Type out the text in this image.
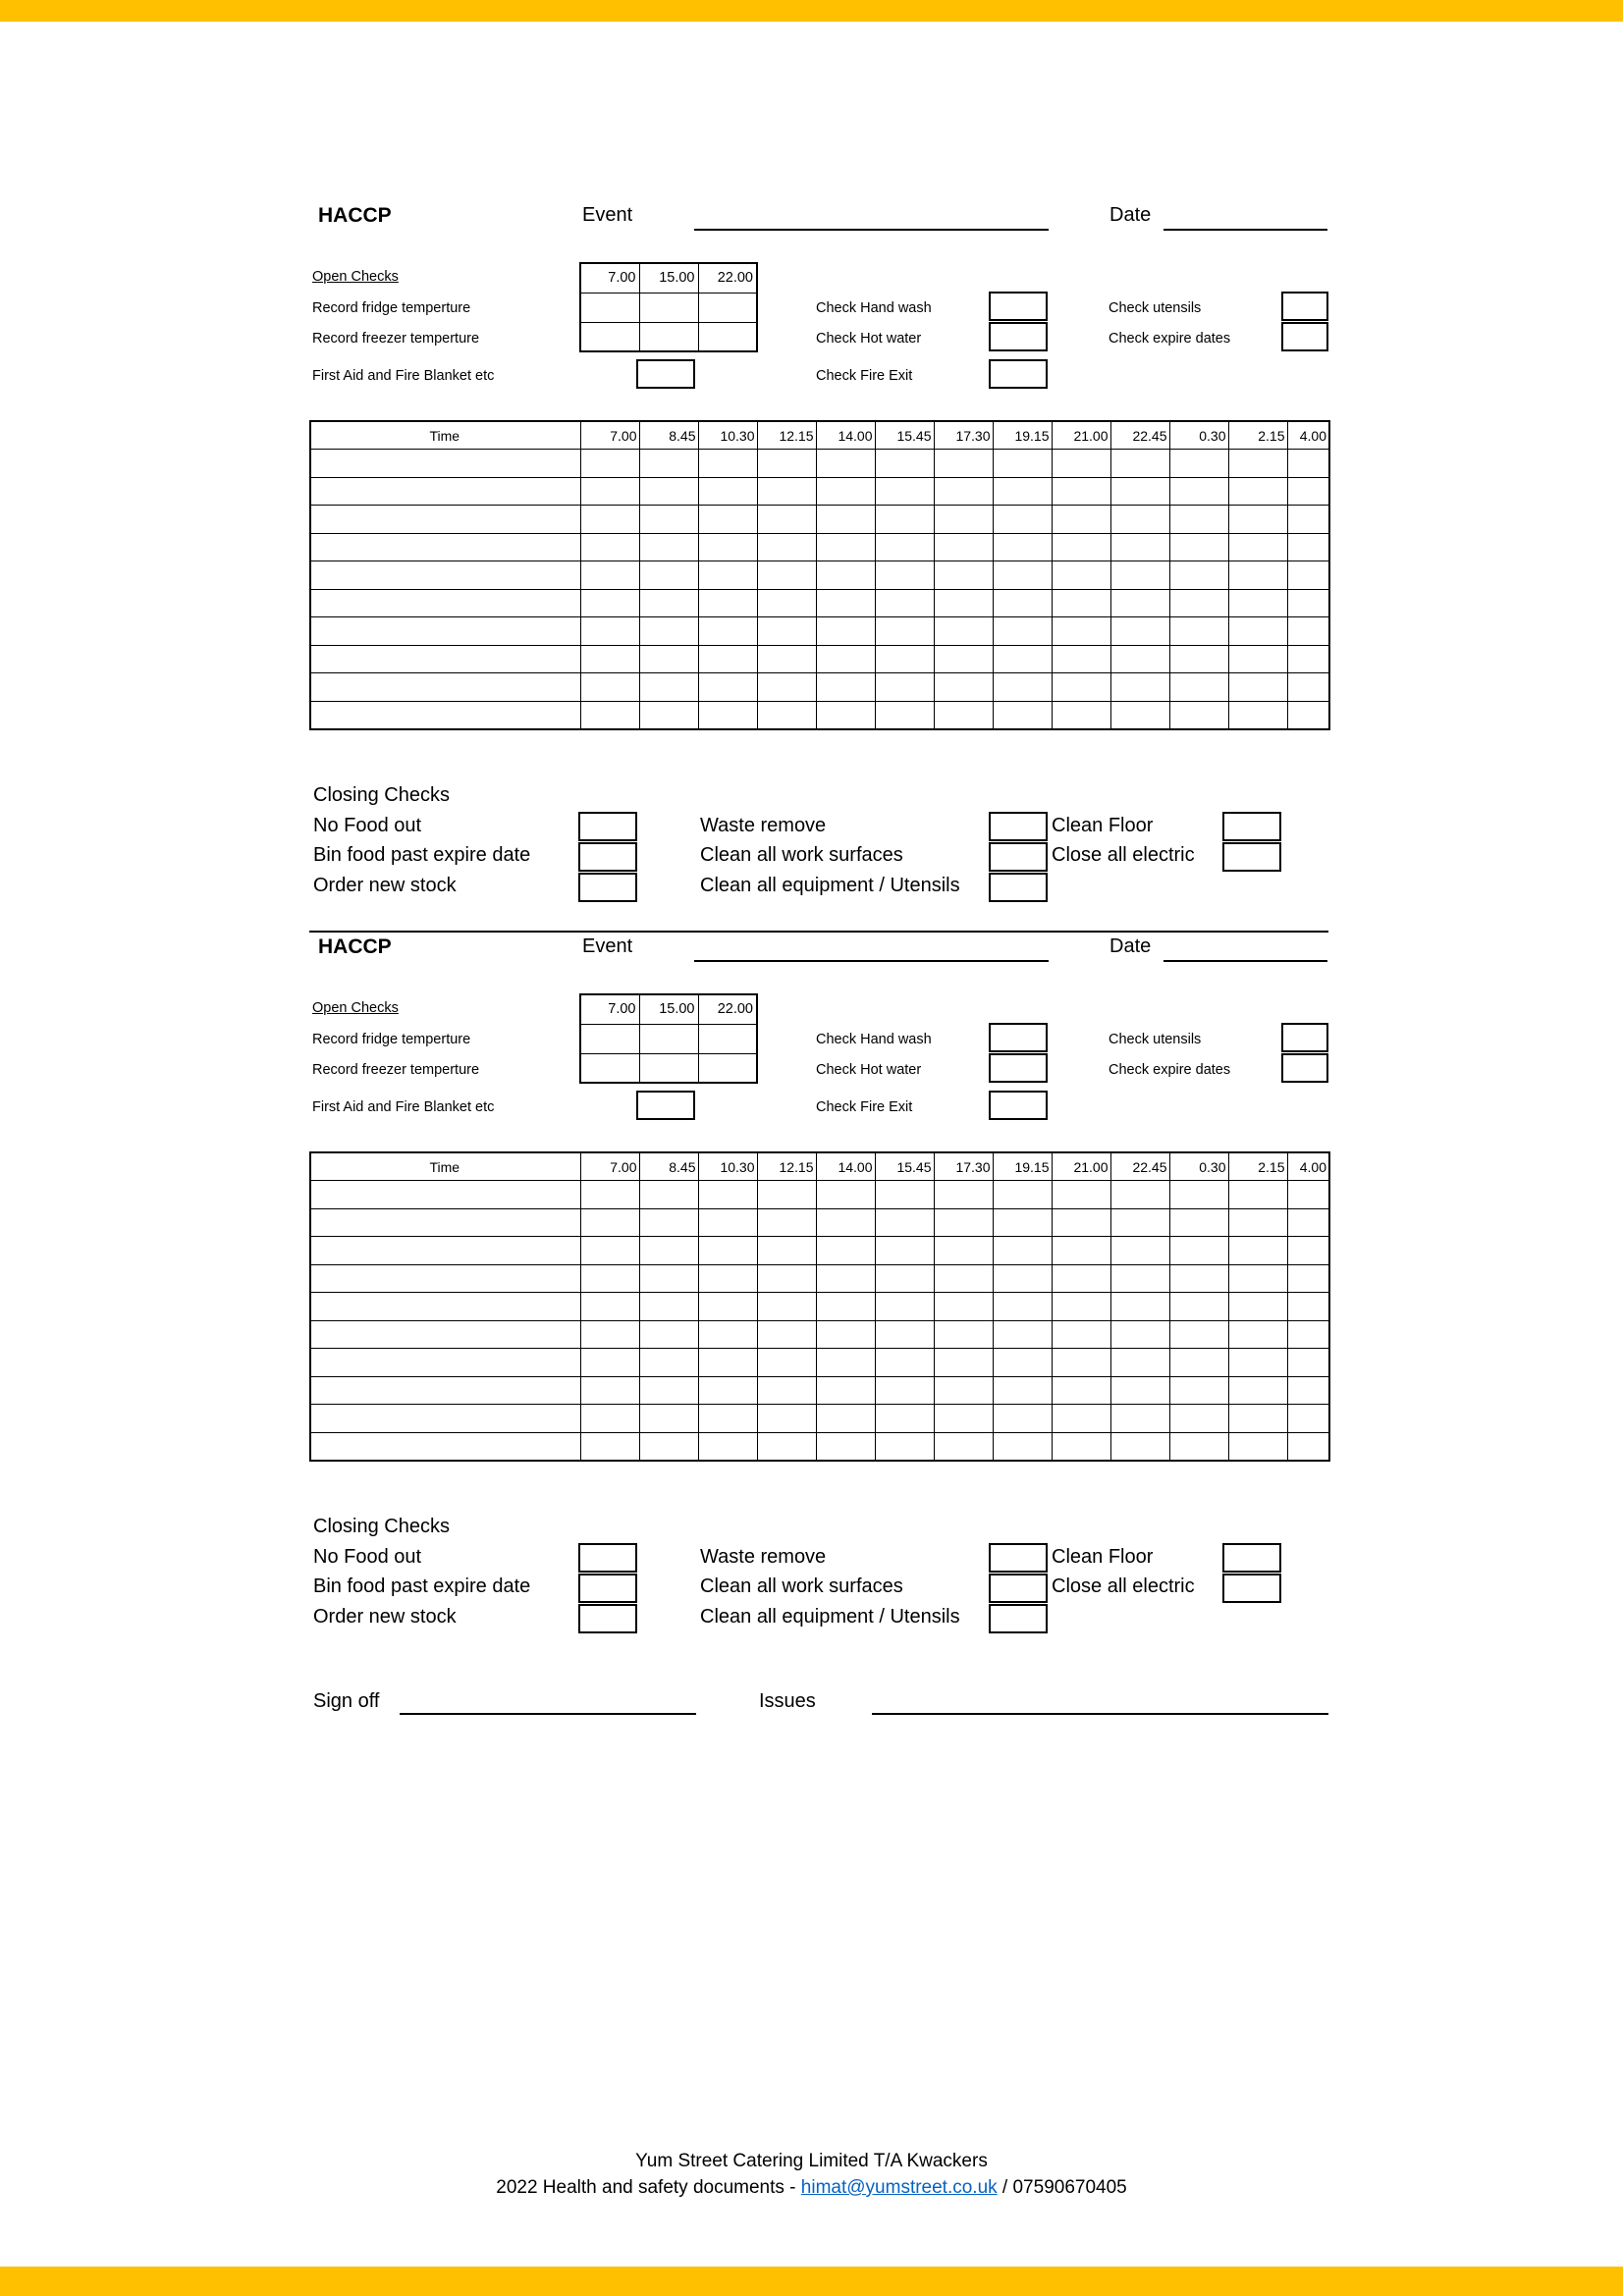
HACCP	Event	Date
Open Checks	7.00	15.00	22.00

Record fridge temperture
Record freezer temperture
First Aid and Fire Blanket etc
Check Hand wash
Check Hot water
Check Fire Exit
Check utensils
Check expire dates
Time	7.00	8.45	10.30	12.15	14.00	15.45	17.30	19.15	21.00	22.45	0.30	2.15	4.00

Closing Checks
No Food out
Bin food past expire date
Order new stock
Waste remove
Clean all work surfaces
Clean all equipment / Utensils
Clean Floor
Close all electric
HACCP	Event	Date
Open Checks	7.00	15.00	22.00

Record fridge temperture
Record freezer temperture
First Aid and Fire Blanket etc
Check Hand wash
Check Hot water
Check Fire Exit
Check utensils
Check expire dates
Time	7.00	8.45	10.30	12.15	14.00	15.45	17.30	19.15	21.00	22.45	0.30	2.15	4.00

Closing Checks
No Food out
Bin food past expire date
Order new stock
Waste remove
Clean all work surfaces
Clean all equipment / Utensils
Clean Floor
Close all electric
Sign off	Issues
Yum Street Catering Limited T/A Kwackers
2022 Health and safety documents - himat@yumstreet.co.uk / 07590670405
